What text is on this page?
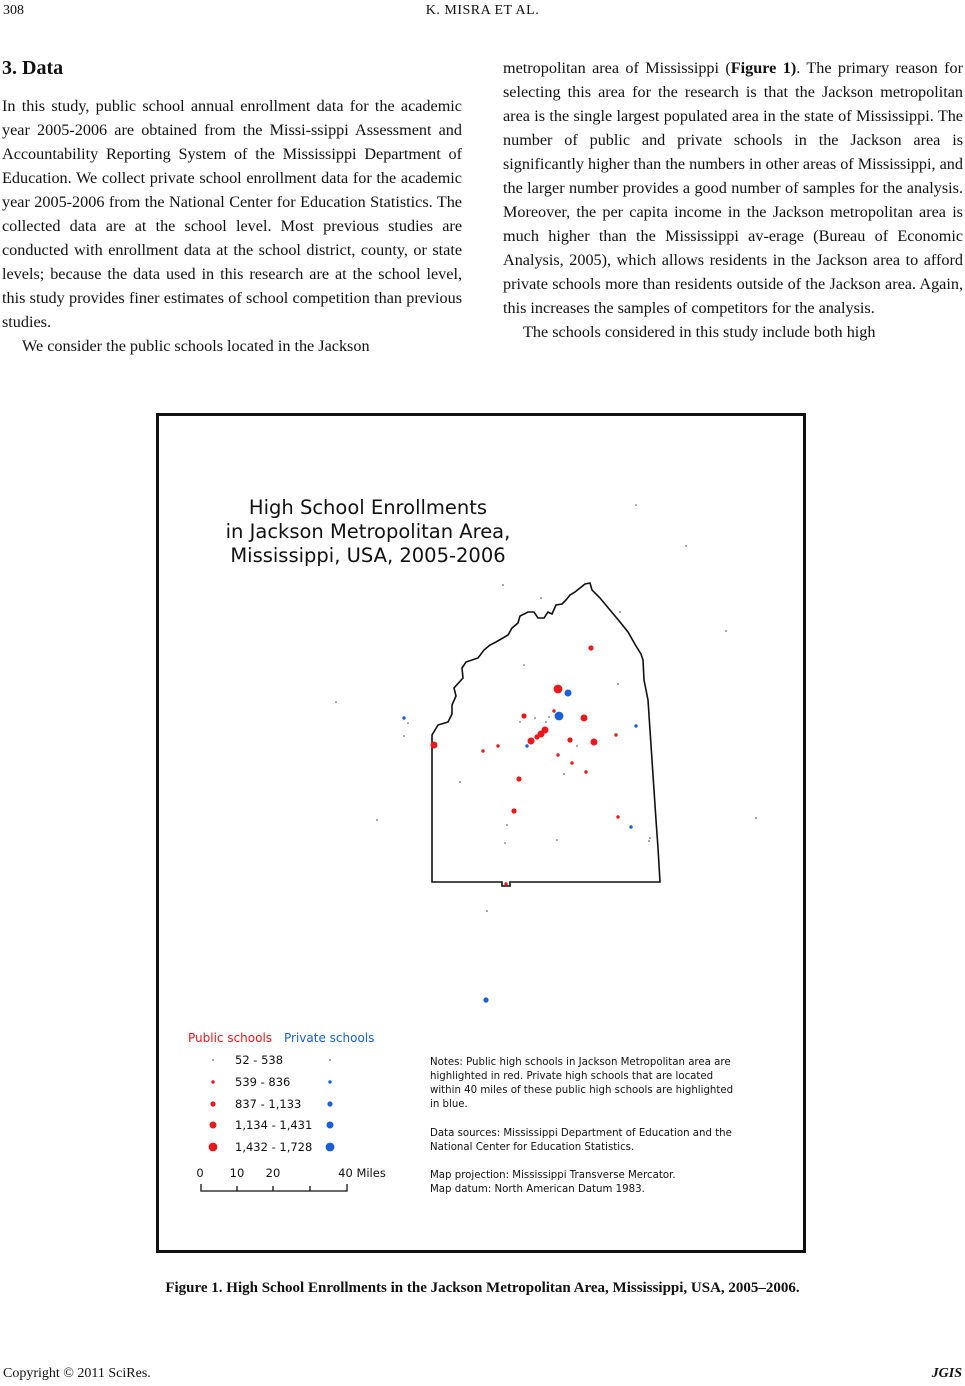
308	K. MISRA ET AL.
3. Data

In this study, public school annual enrollment data for the academic year 2005-2006 are obtained from the Missi-ssippi Assessment and Accountability Reporting System of the Mississippi Department of Education. We collect private school enrollment data for the academic year 2005-2006 from the National Center for Education Statistics. The collected data are at the school level. Most previous studies are conducted with enrollment data at the school district, county, or state levels; because the data used in this research are at the school level, this study provides finer estimates of school competition than previous studies.

We consider the public schools located in the Jackson

metropolitan area of Mississippi (Figure 1). The primary reason for selecting this area for the research is that the Jackson metropolitan area is the single largest populated area in the state of Mississippi. The number of public and private schools in the Jackson area is significantly higher than the numbers in other areas of Mississippi, and the larger number provides a good number of samples for the analysis. Moreover, the per capita income in the Jackson metropolitan area is much higher than the Mississippi av-erage (Bureau of Economic Analysis, 2005), which allows residents in the Jackson area to afford private schools more than residents outside of the Jackson area. Again, this increases the samples of competitors for the analysis.

The schools considered in this study include both high

High School Enrollments
in Jackson Metropolitan Area,
Mississippi, USA, 2005-2006
Public schools Private schools
52 - 538
539 - 836
837 - 1,133
1,134 - 1,431
1,432 - 1,728
0 10 20	40 Miles
Notes: Public high schools in Jackson Metropolitan area are
highlighted in red. Private high schools that are located
within 40 miles of these public high schools are highlighted
in blue.
Data sources: Mississippi Department of Education and the
National Center for Education Statistics.
Map projection: Mississippi Transverse Mercator.
Map datum: North American Datum 1983.
Figure 1. High School Enrollments in the Jackson Metropolitan Area, Mississippi, USA, 2005–2006.
Copyright © 2011 SciRes.	JGIS
